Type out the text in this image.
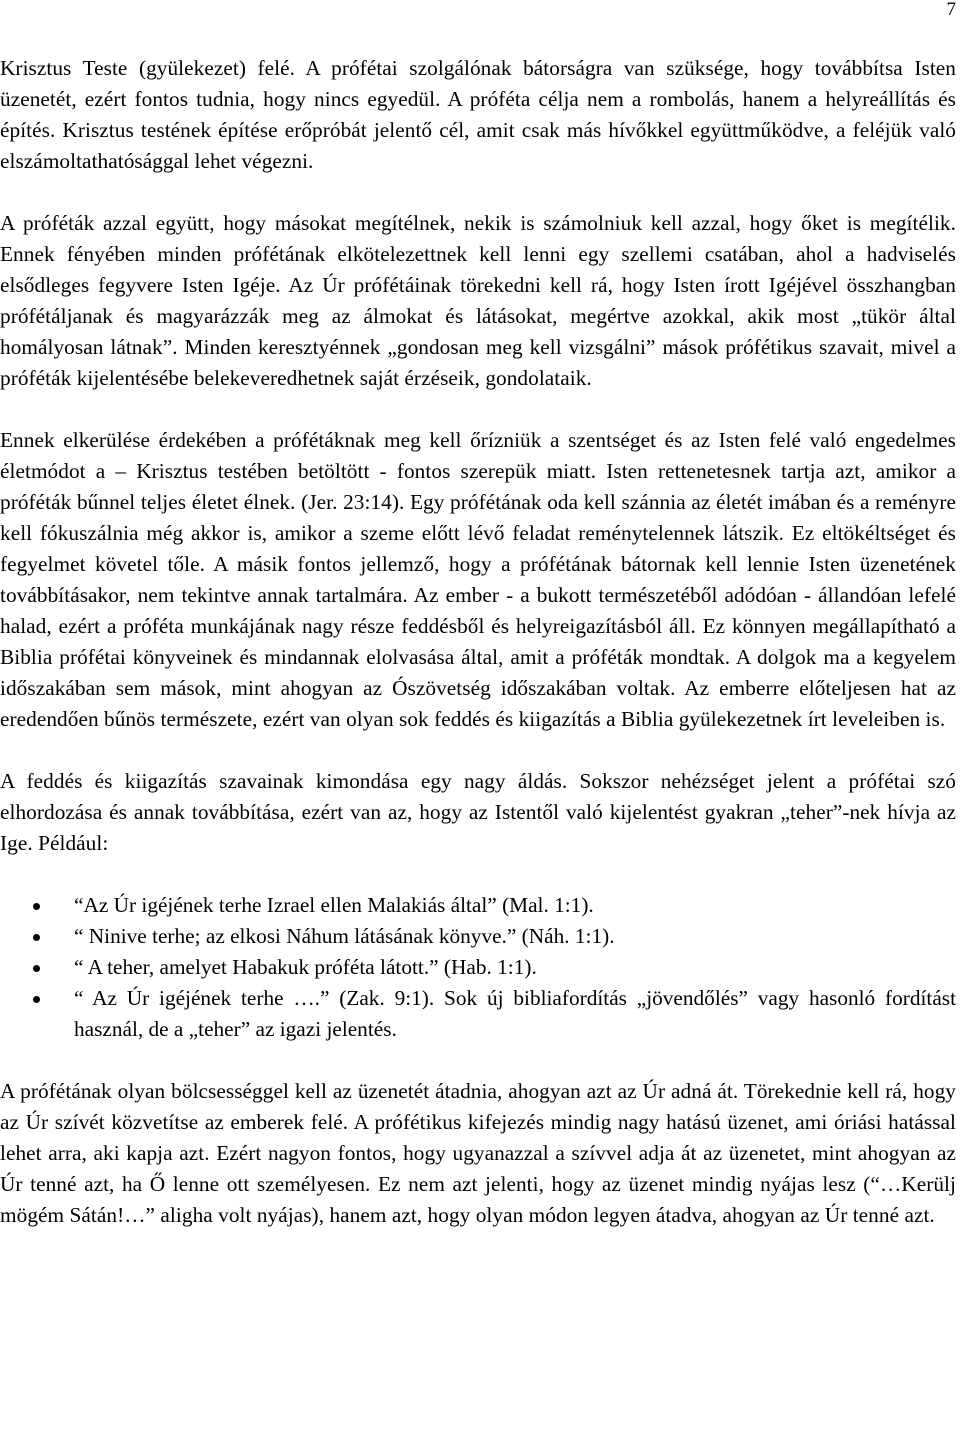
7

Krisztus Teste (gyülekezet) felé. A prófétai szolgálónak bátorságra van szüksége, hogy továbbítsa Isten üzenetét, ezért fontos tudnia, hogy nincs egyedül. A próféta célja nem a rombolás, hanem a helyreállítás és építés. Krisztus testének építése erőpróbát jelentő cél, amit csak más hívőkkel együttműködve, a feléjük való elszámoltathatósággal lehet végezni.

A próféták azzal együtt, hogy másokat megítélnek, nekik is számolniuk kell azzal, hogy őket is megítélik. Ennek fényében minden prófétának elkötelezettnek kell lenni egy szellemi csatában, ahol a hadviselés elsődleges fegyvere Isten Igéje. Az Úr prófétáinak törekedni kell rá, hogy Isten írott Igéjével összhangban prófétáljanak és magyarázzák meg az álmokat és látásokat, megértve azokkal, akik most „tükör által homályosan látnak”. Minden keresztyénnek „gondosan meg kell vizsgálni” mások prófétikus szavait, mivel a próféták kijelentésébe belekeveredhetnek saját érzéseik, gondolataik.

Ennek elkerülése érdekében a prófétáknak meg kell őrízniük a szentséget és az Isten felé való engedelmes életmódot a – Krisztus testében betöltött - fontos szerepük miatt. Isten rettenetesnek tartja azt, amikor a próféták bűnnel teljes életet élnek. (Jer. 23:14). Egy prófétának oda kell szánnia az életét imában és a reményre kell fókuszálnia még akkor is, amikor a szeme előtt lévő feladat reménytelennek látszik. Ez eltökéltséget és fegyelmet követel tőle. A másik fontos jellemző, hogy a prófétának bátornak kell lennie Isten üzenetének továbbításakor, nem tekintve annak tartalmára. Az ember - a bukott természetéből adódóan - állandóan lefelé halad, ezért a próféta munkájának nagy része feddésből és helyreigazításból áll. Ez könnyen megállapítható a Biblia prófétai könyveinek és mindannak elolvasása által, amit a próféták mondtak. A dolgok ma a kegyelem időszakában sem mások, mint ahogyan az Ószövetség időszakában voltak. Az emberre előteljesen hat az eredendően bűnös természete, ezért van olyan sok feddés és kiigazítás a Biblia gyülekezetnek írt leveleiben is.

A feddés és kiigazítás szavainak kimondása egy nagy áldás. Sokszor nehézséget jelent a prófétai szó elhordozása és annak továbbítása, ezért van az, hogy az Istentől való kijelentést gyakran „teher”-nek hívja az Ige. Például:

“Az Úr igéjének terhe Izrael ellen Malakiás által” (Mal. 1:1).
“ Ninive terhe; az elkosi Náhum látásának könyve.” (Náh. 1:1).
“ A teher, amelyet Habakuk próféta látott.” (Hab. 1:1).
“ Az Úr igéjének terhe ….” (Zak. 9:1). Sok új bibliafordítás „jövendőlés” vagy hasonló fordítást használ, de a „teher” az igazi jelentés.

A prófétának olyan bölcsességgel kell az üzenetét átadnia, ahogyan azt az Úr adná át. Törekednie kell rá, hogy az Úr szívét közvetítse az emberek felé. A prófétikus kifejezés mindig nagy hatású üzenet, ami óriási hatással lehet arra, aki kapja azt. Ezért nagyon fontos, hogy ugyanazzal a szívvel adja át az üzenetet, mint ahogyan az Úr tenné azt, ha Ő lenne ott személyesen. Ez nem azt jelenti, hogy az üzenet mindig nyájas lesz (“…Kerülj mögém Sátán!…” aligha volt nyájas), hanem azt, hogy olyan módon legyen átadva, ahogyan az Úr tenné azt.
